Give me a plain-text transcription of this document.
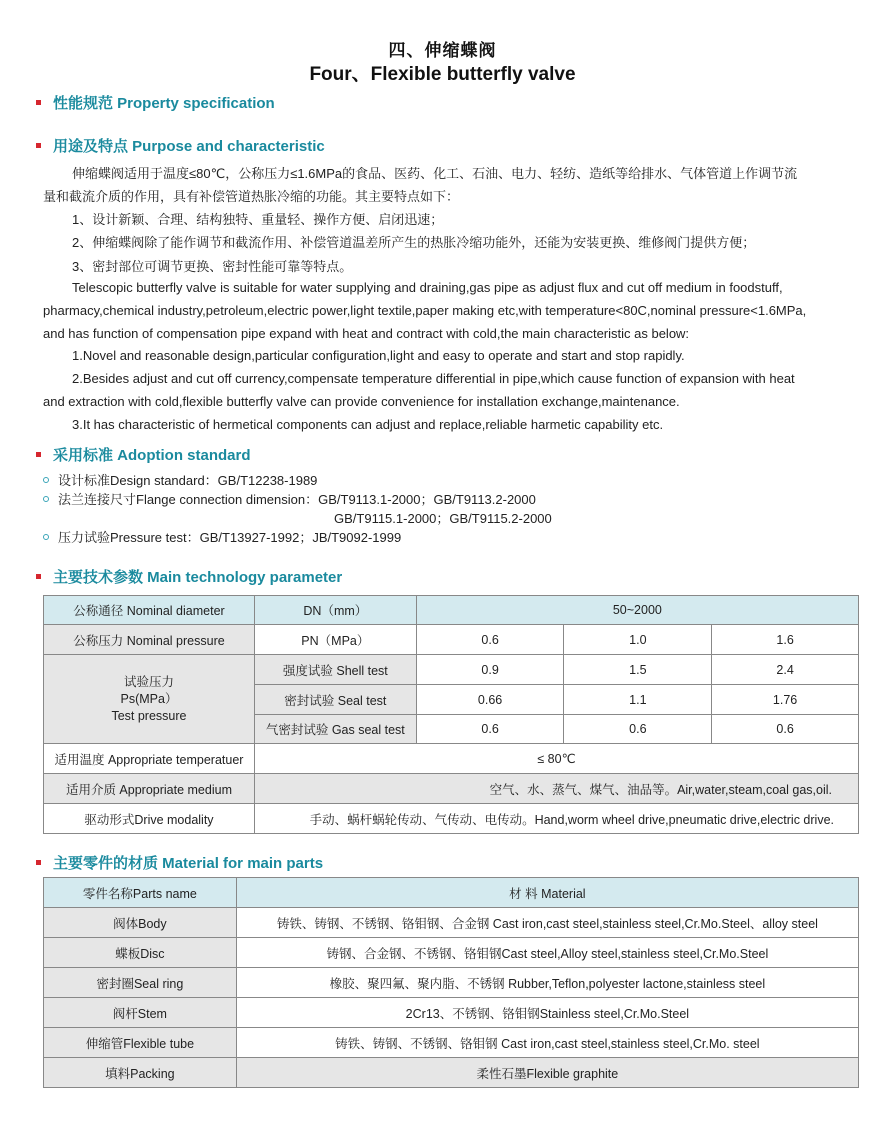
四、伸缩蝶阀
Four、Flexible butterfly valve
性能规范 Property specification
用途及特点 Purpose and characteristic
伸缩蝶阀适用于温度≤80℃，公称压力≤1.6MPa的食品、医药、化工、石油、电力、轻纺、造纸等给排水、气体管道上作调节流
量和截流介质的作用，具有补偿管道热胀冷缩的功能。其主要特点如下：
1、设计新颖、合理、结构独特、重量轻、操作方便、启闭迅速；
2、伸缩蝶阀除了能作调节和截流作用、补偿管道温差所产生的热胀冷缩功能外，还能为安装更换、维修阀门提供方便；
3、密封部位可调节更换、密封性能可靠等特点。
Telescopic butterfly valve is suitable for water supplying and draining,gas pipe as adjust flux and cut off medium in foodstuff,
pharmacy,chemical industry,petroleum,electric power,light textile,paper making etc,with temperature<80C,nominal pressure<1.6MPa,
and has function of compensation pipe expand with heat and contract with cold,the main characteristic as below:
1.Novel and reasonable design,particular configuration,light and easy to operate and start and stop rapidly.
2.Besides adjust and cut off currency,compensate temperature differential in pipe,which cause function of expansion with heat
and extraction with cold,flexible butterfly valve can provide convenience for installation exchange,maintenance.
3.It has characteristic of hermetical components can adjust and replace,reliable harmetic capability etc.
采用标准 Adoption standard
设计标准Design standard：GB/T12238-1989
法兰连接尺寸Flange connection dimension：GB/T9113.1-2000；GB/T9113.2-2000
GB/T9115.1-2000；GB/T9115.2-2000
压力试验Pressure test：GB/T13927-1992；JB/T9092-1999
主要技术参数 Main technology parameter
公称通径 Nominal diameter	DN（mm）	50~2000		
公称压力 Nominal pressure	PN（MPa）	0.6	1.0	1.6

试验压力
Ps(MPa）
Test pressure	强度试验 Shell test	0.9	1.5	2.4
	密封试验 Seal test	0.66	1.1	1.76
	气密封试验 Gas seal test	0.6	0.6	0.6
适用温度 Appropriate temperatuer	≤ 80℃			
适用介质 Appropriate medium	空气、水、蒸气、煤气、油品等。Air,water,steam,coal gas,oil.			
驱动形式Drive modality	手动、蜗杆蜗轮传动、气传动、电传动。Hand,worm wheel drive,pneumatic drive,electric drive.			
主要零件的材质 Material for main parts
零件名称Parts name	材 料 Material
阀体Body	铸铁、铸钢、不锈钢、铬钼钢、合金钢 Cast iron,cast steel,stainless steel,Cr.Mo.Steel、alloy steel
蝶板Disc	铸钢、合金钢、不锈钢、铬钼钢Cast steel,Alloy steel,stainless steel,Cr.Mo.Steel
密封圈Seal ring	橡胶、聚四氟、聚内脂、不锈钢 Rubber,Teflon,polyester lactone,stainless steel
阀杆Stem	2Cr13、不锈钢、铬钼钢Stainless steel,Cr.Mo.Steel
伸缩管Flexible tube	铸铁、铸钢、不锈钢、铬钼钢 Cast iron,cast steel,stainless steel,Cr.Mo. steel
填料Packing	柔性石墨Flexible graphite
